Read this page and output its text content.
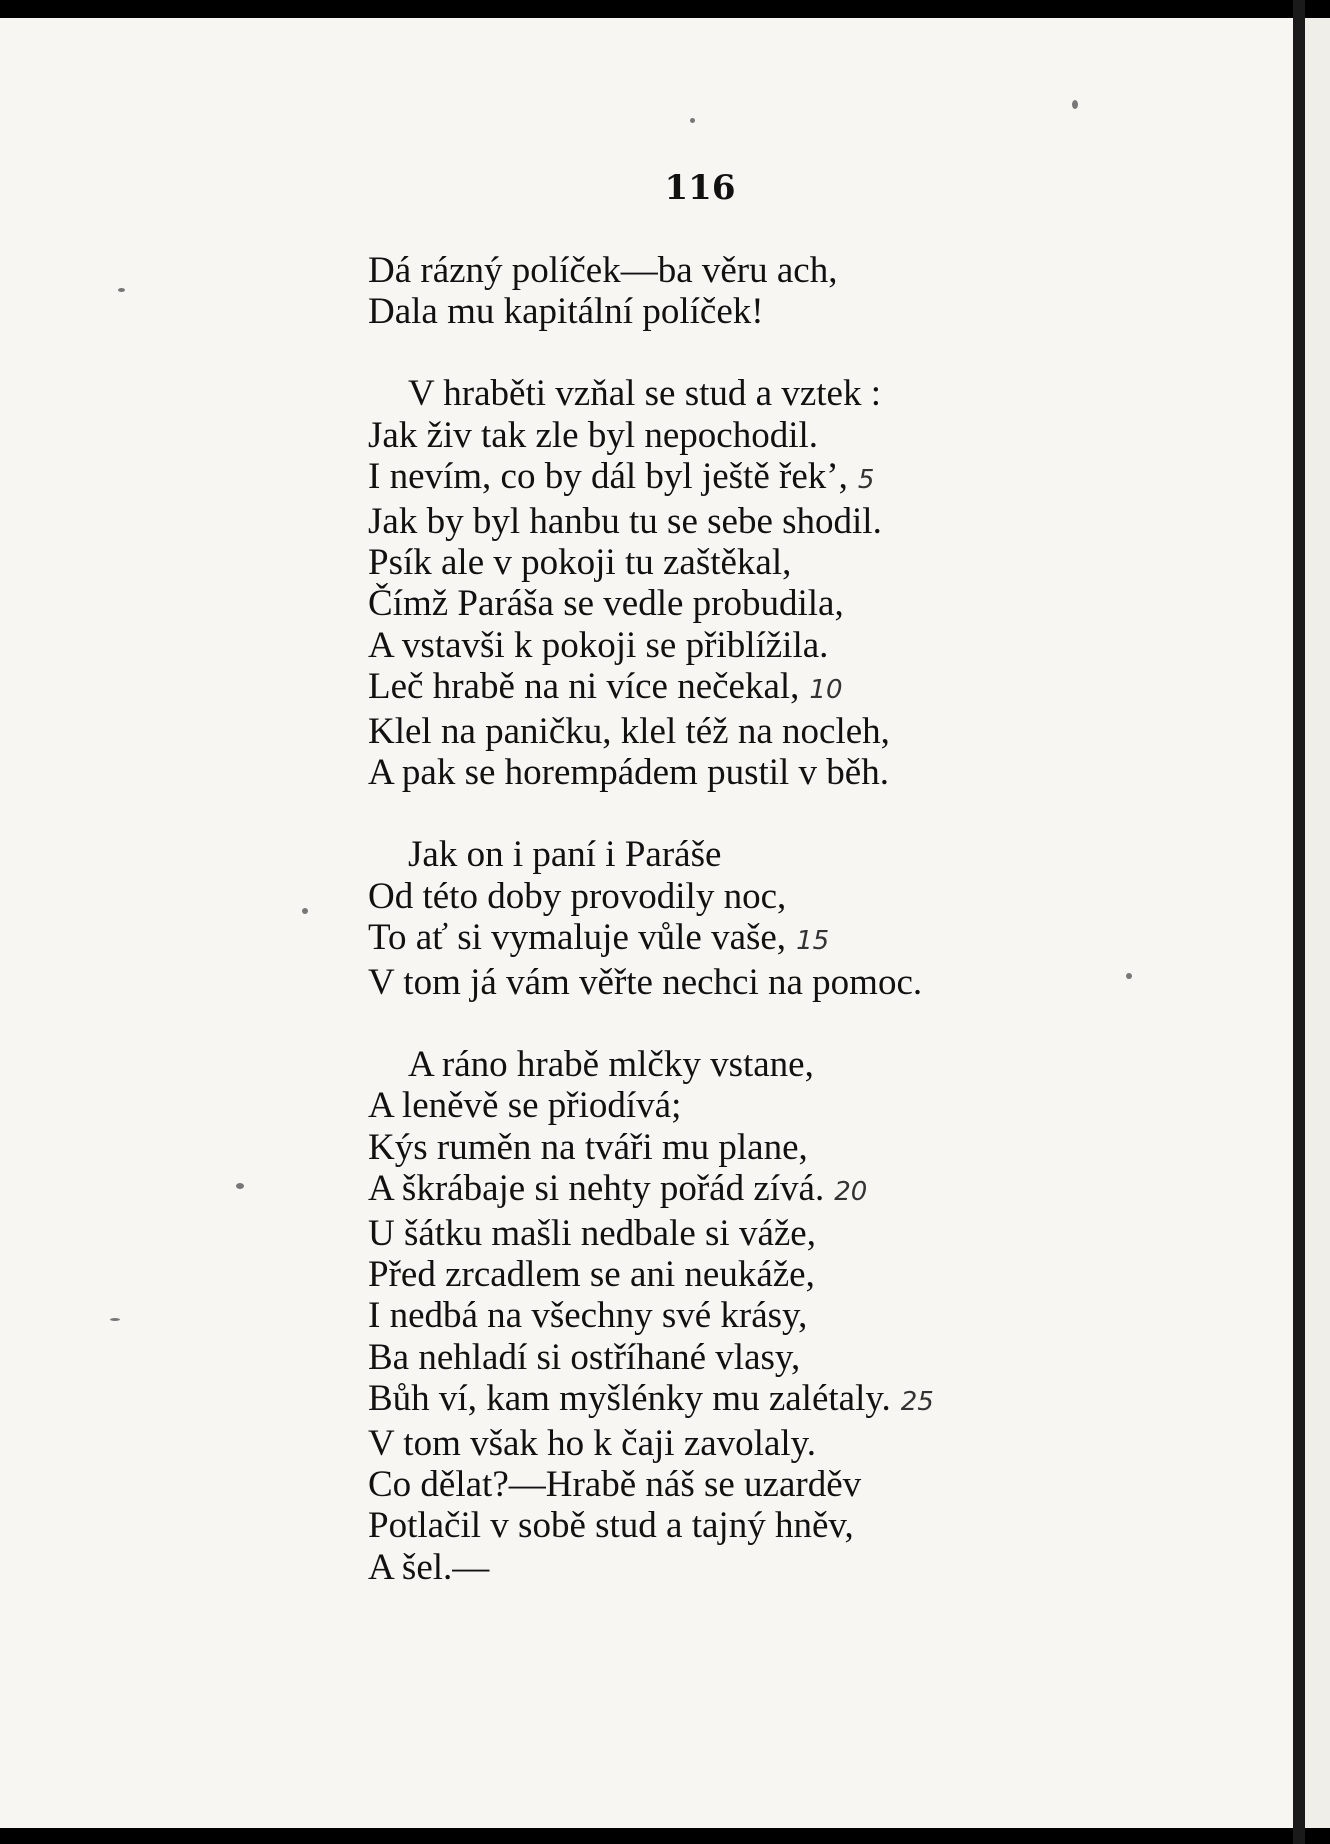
116
Dá rázný políček—ba věru ach,
Dala mu kapitální políček!
V hraběti vzňal se stud a vztek :
Jak živ tak zle byl nepochodil.
I nevím, co by dál byl ještě řek’, 5
Jak by byl hanbu tu se sebe shodil.
Psík ale v pokoji tu zaštěkal,
Čímž Paráša se vedle probudila,
A vstavši k pokoji se přiblížila.
Leč hrabě na ni více nečekal, 10
Klel na paničku, klel též na nocleh,
A pak se horempádem pustil v běh.
Jak on i paní i Paráše
Od této doby provodily noc,
To ať si vymaluje vůle vaše, 15
V tom já vám věřte nechci na pomoc.
A ráno hrabě mlčky vstane,
A leněvě se přiodívá;
Kýs ruměn na tváři mu plane,
A škrábaje si nehty pořád zívá. 20
U šátku mašli nedbale si váže,
Před zrcadlem se ani neukáže,
I nedbá na všechny své krásy,
Ba nehladí si ostříhané vlasy,
Bůh ví, kam myšlénky mu zalétaly. 25
V tom však ho k čaji zavolaly.
Co dělat?—Hrabě náš se uzarděv
Potlačil v sobě stud a tajný hněv,
A šel.—
